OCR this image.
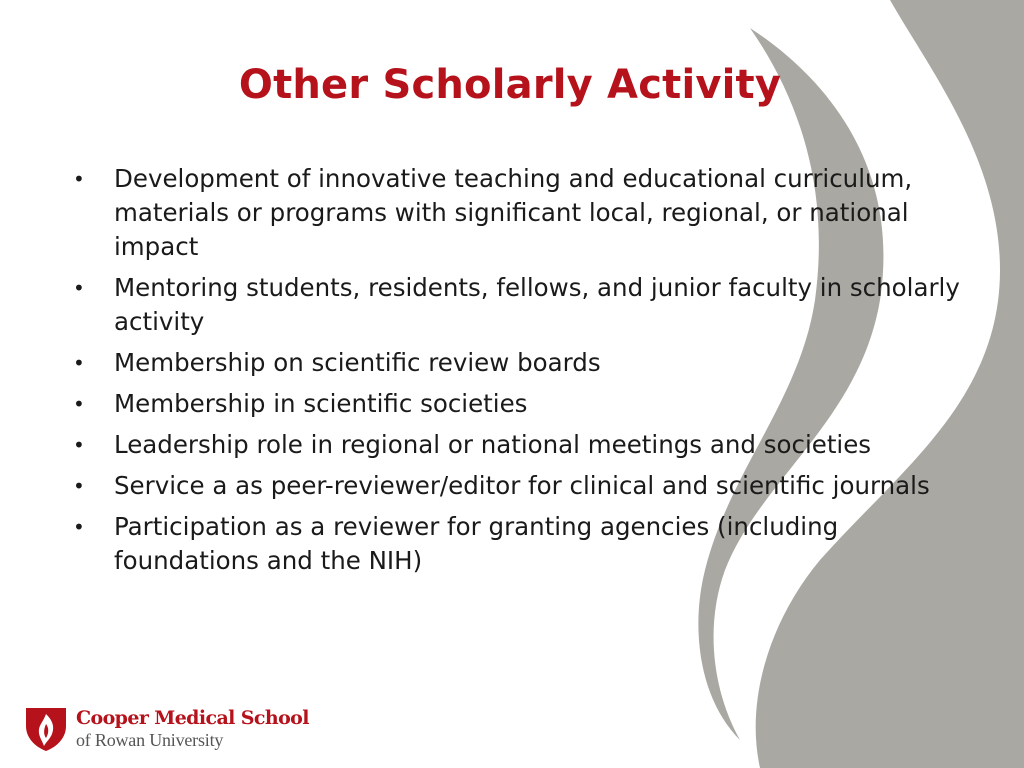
Other Scholarly Activity
• Development of innovative teaching and educational curriculum, materials or programs with significant local, regional, or national impact
• Mentoring students, residents, fellows, and junior faculty in scholarly activity
• Membership on scientific review boards
• Membership in scientific societies
• Leadership role in regional or national meetings and societies
• Service a as peer-reviewer/editor for clinical and scientific journals
• Participation as a reviewer for granting agencies (including foundations and the NIH)
Cooper Medical School
of Rowan University
